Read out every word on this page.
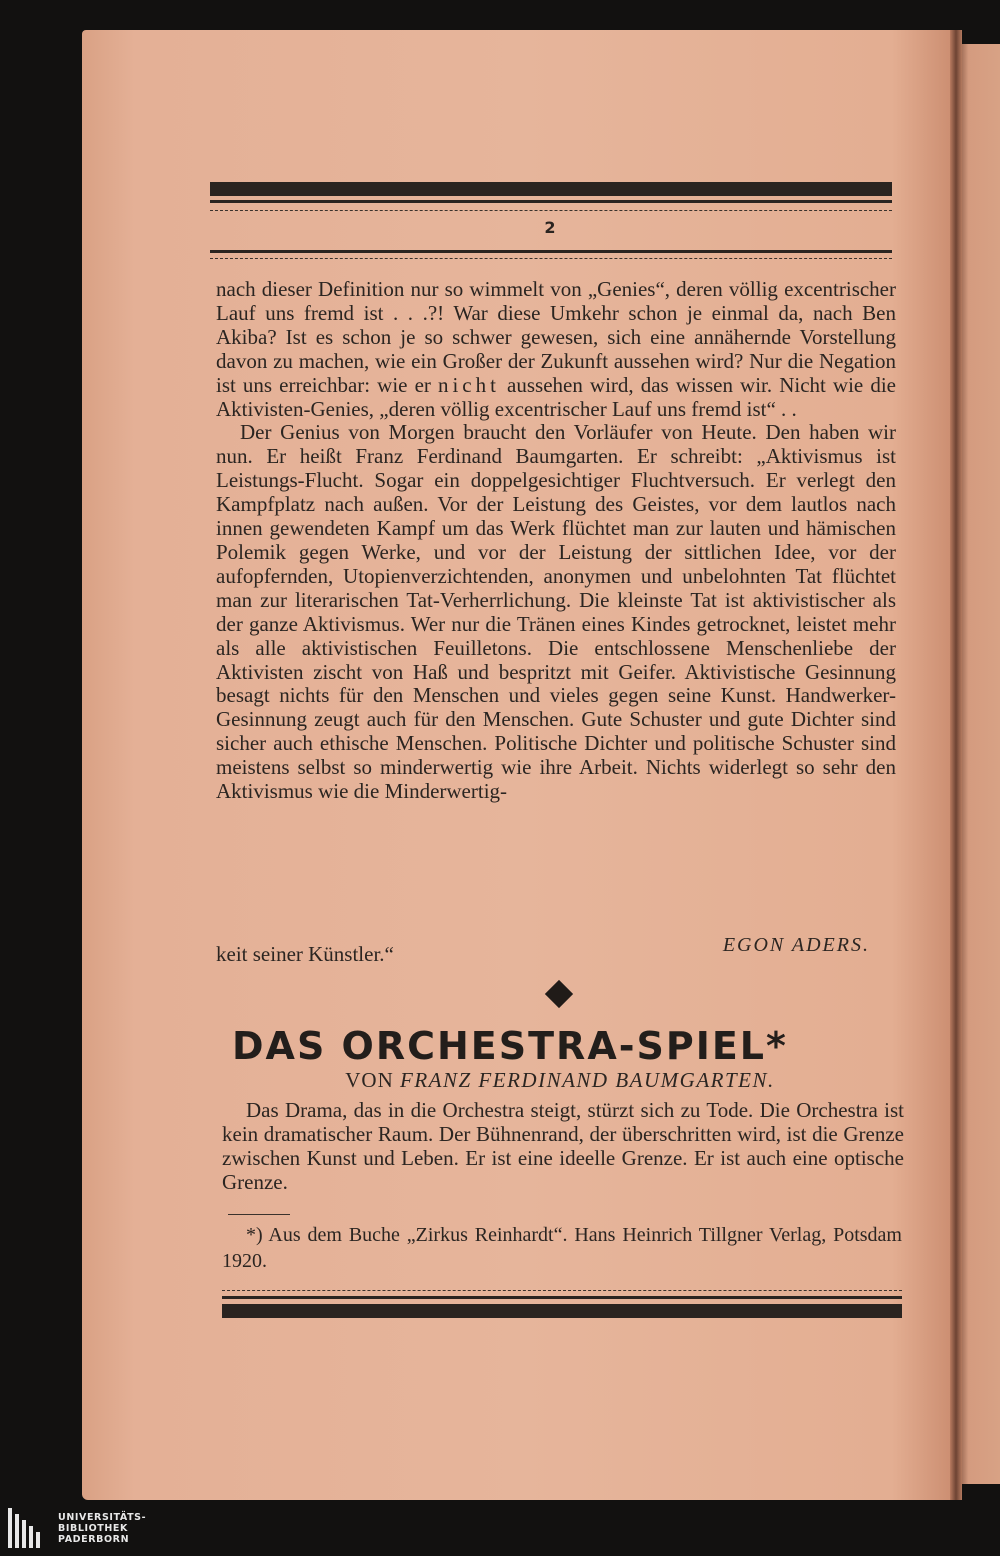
2

nach dieser Definition nur so wimmelt von „Genies“, deren völlig excentrischer Lauf uns fremd ist . . .?! War diese Umkehr schon je einmal da, nach Ben Akiba? Ist es schon je so schwer gewesen, sich eine annähernde Vorstellung davon zu machen, wie ein Großer der Zukunft aussehen wird? Nur die Negation ist uns erreichbar: wie er nicht aussehen wird, das wissen wir. Nicht wie die Aktivisten-Genies, „deren völlig excentrischer Lauf uns fremd ist“ . .

Der Genius von Morgen braucht den Vorläufer von Heute. Den haben wir nun. Er heißt Franz Ferdinand Baumgarten. Er schreibt: „Aktivismus ist Leistungs-Flucht. Sogar ein doppelgesichtiger Fluchtversuch. Er verlegt den Kampfplatz nach außen. Vor der Leistung des Geistes, vor dem lautlos nach innen gewendeten Kampf um das Werk flüchtet man zur lauten und hämischen Polemik gegen Werke, und vor der Leistung der sittlichen Idee, vor der aufopfernden, Utopienverzichtenden, anonymen und unbelohnten Tat flüchtet man zur literarischen Tat-Verherrlichung. Die kleinste Tat ist aktivistischer als der ganze Aktivismus. Wer nur die Tränen eines Kindes getrocknet, leistet mehr als alle aktivistischen Feuilletons. Die entschlossene Menschenliebe der Aktivisten zischt von Haß und bespritzt mit Geifer. Aktivistische Gesinnung besagt nichts für den Menschen und vieles gegen seine Kunst. Handwerker-Gesinnung zeugt auch für den Menschen. Gute Schuster und gute Dichter sind sicher auch ethische Menschen. Politische Dichter und politische Schuster sind meistens selbst so minderwertig wie ihre Arbeit. Nichts widerlegt so sehr den Aktivismus wie die Minderwertig-

keit seiner Künstler.“	EGON ADERS.
DAS ORCHESTRA-SPIEL*
VON FRANZ FERDINAND BAUMGARTEN.

Das Drama, das in die Orchestra steigt, stürzt sich zu Tode. Die Orchestra ist kein dramatischer Raum. Der Bühnenrand, der überschritten wird, ist die Grenze zwischen Kunst und Leben. Er ist eine ideelle Grenze. Er ist auch eine optische Grenze.

*) Aus dem Buche „Zirkus Reinhardt“. Hans Heinrich Tillgner Verlag, Potsdam 1920.

UNIVERSITÄTS-
BIBLIOTHEK
PADERBORN
